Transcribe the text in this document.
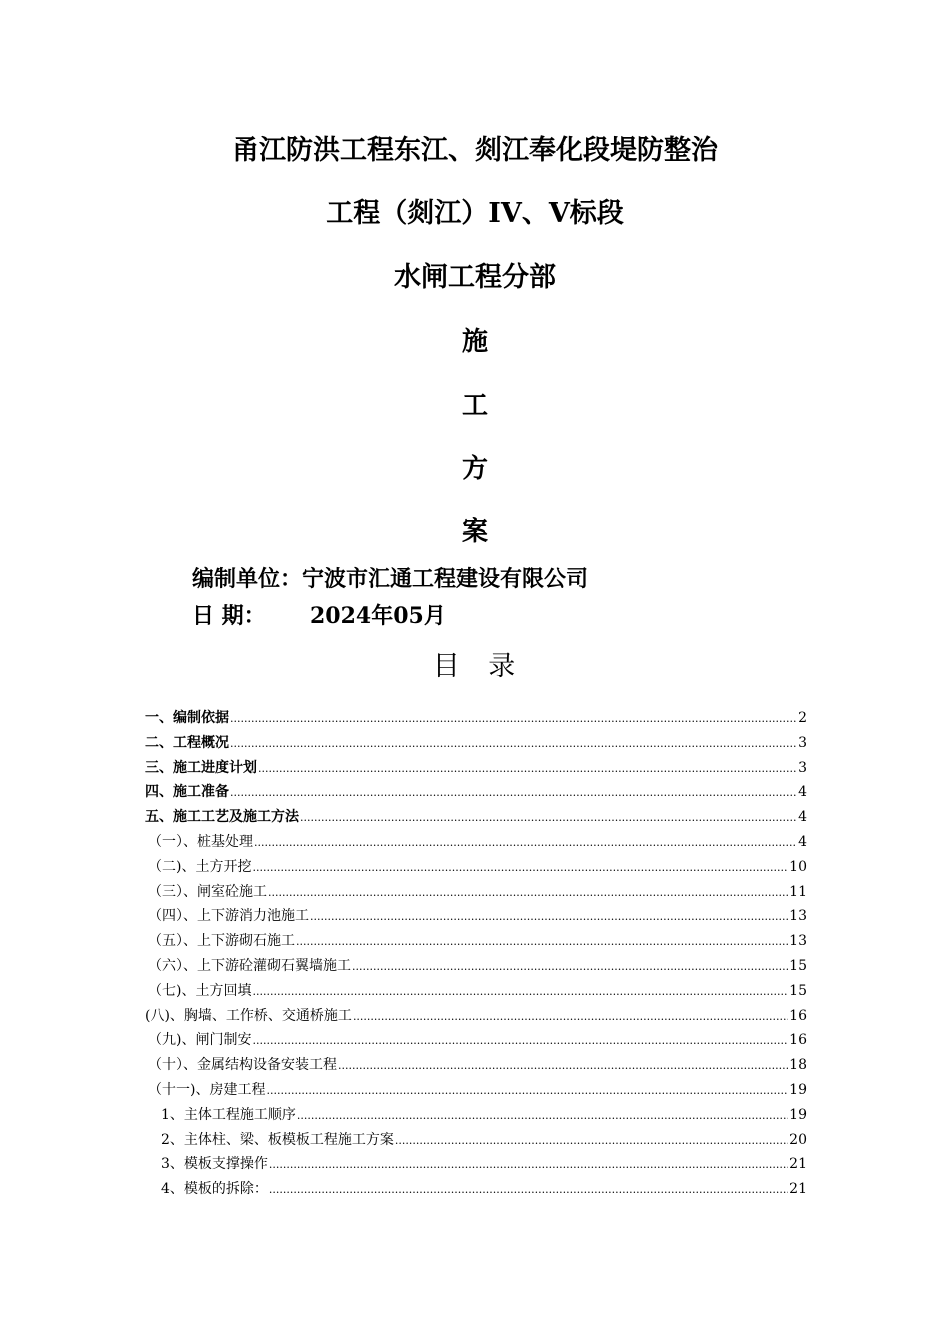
甬江防洪工程东江、剡江奉化段堤防整治
工程（剡江）IV、V标段
水闸工程分部
施
工
方
案
编制单位：宁波市汇通工程建设有限公司
日 期： 2024年05月
目 录
一、编制依据 .....	2
二、工程概况 .....	3
三、施工进度计划 .....	3
四、施工准备 .....	4
五、施工工艺及施工方法 .....	4
（一）、桩基处理 .....	4
（二)、土方开挖 .....	10
（三）、闸室砼施工 .....	11
（四）、上下游消力池施工 .....	13
（五）、上下游砌石施工 .....	13
（六）、上下游砼灌砌石翼墙施工 .....	15
（七)、土方回填 .....	15
(八)、胸墙、工作桥、交通桥施工 .....	16
（九)、闸门制安 .....	16
（十）、金属结构设备安装工程 .....	18
（十一)、房建工程 .....	19
1、主体工程施工顺序 .....	19
2、主体柱、梁、板模板工程施工方案 .....	20
3、模板支撑操作 .....	21
4、模板的拆除： .....	21
